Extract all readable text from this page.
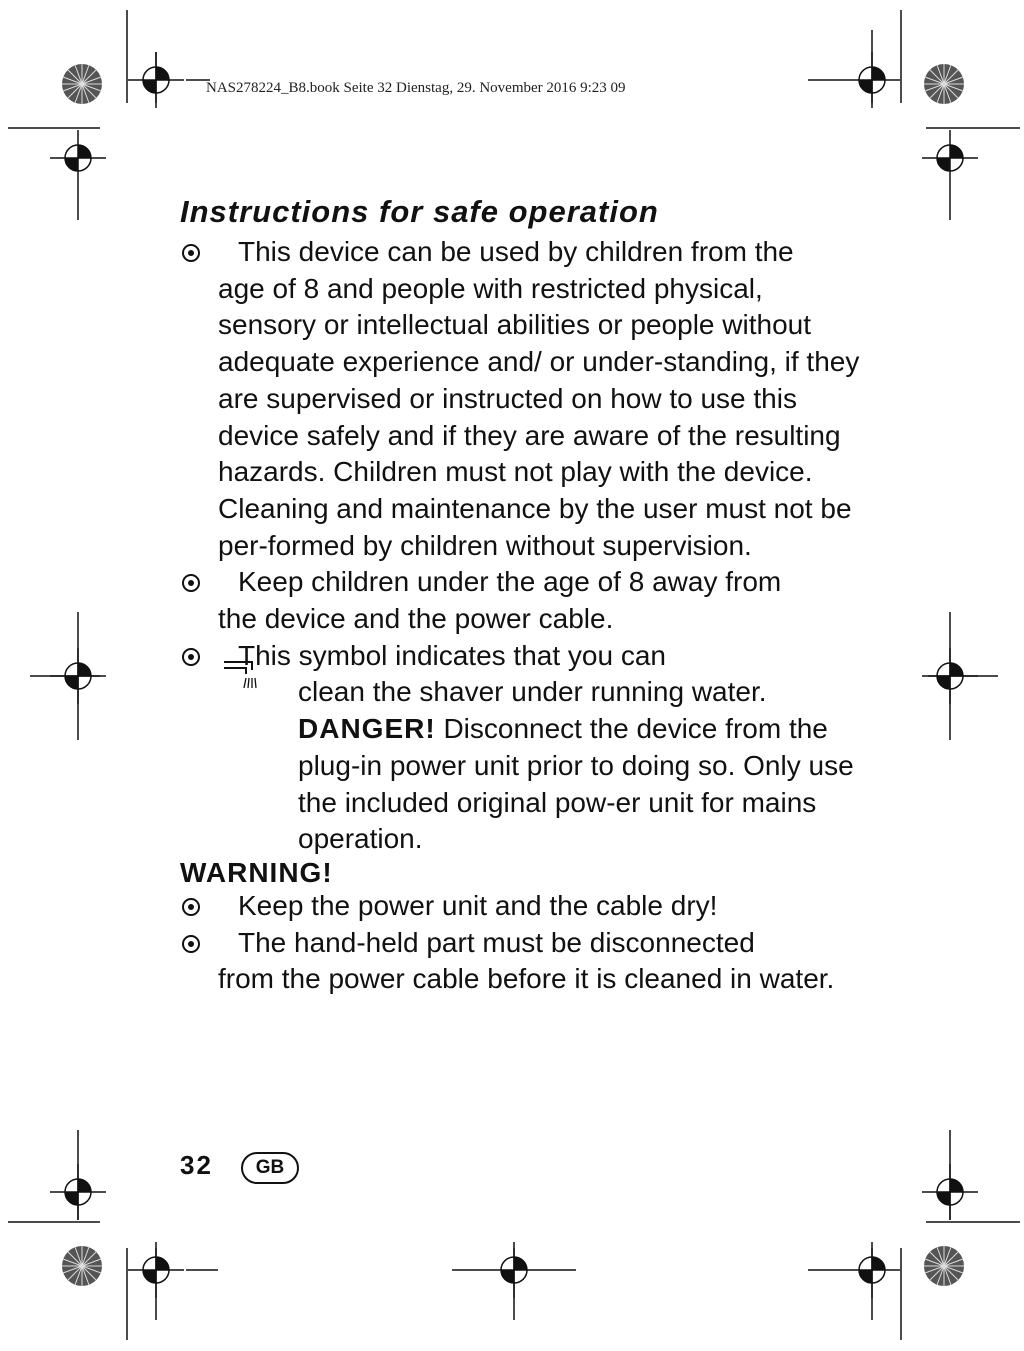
NAS278224_B8.book Seite 32 Dienstag, 29. November 2016 9:23 09
Instructions for safe operation
This device can be used by children from the
age of 8 and people with restricted physical, sensory or intellectual abilities or people without adequate experience and/ or under-standing, if they are supervised or instructed on how to use this device safely and if they are aware of the resulting hazards. Children must not play with the device. Cleaning and maintenance by the user must not be per-formed by children without supervision.
Keep children under the age of 8 away from
the device and the power cable.
This symbol indicates that you can
clean the shaver under running water. DANGER! Disconnect the device from the plug-in power unit prior to doing so. Only use the included original pow-er unit for mains operation.
WARNING!
Keep the power unit and the cable dry!
The hand-held part must be disconnected
from the power cable before it is cleaned in water.
32	GB
